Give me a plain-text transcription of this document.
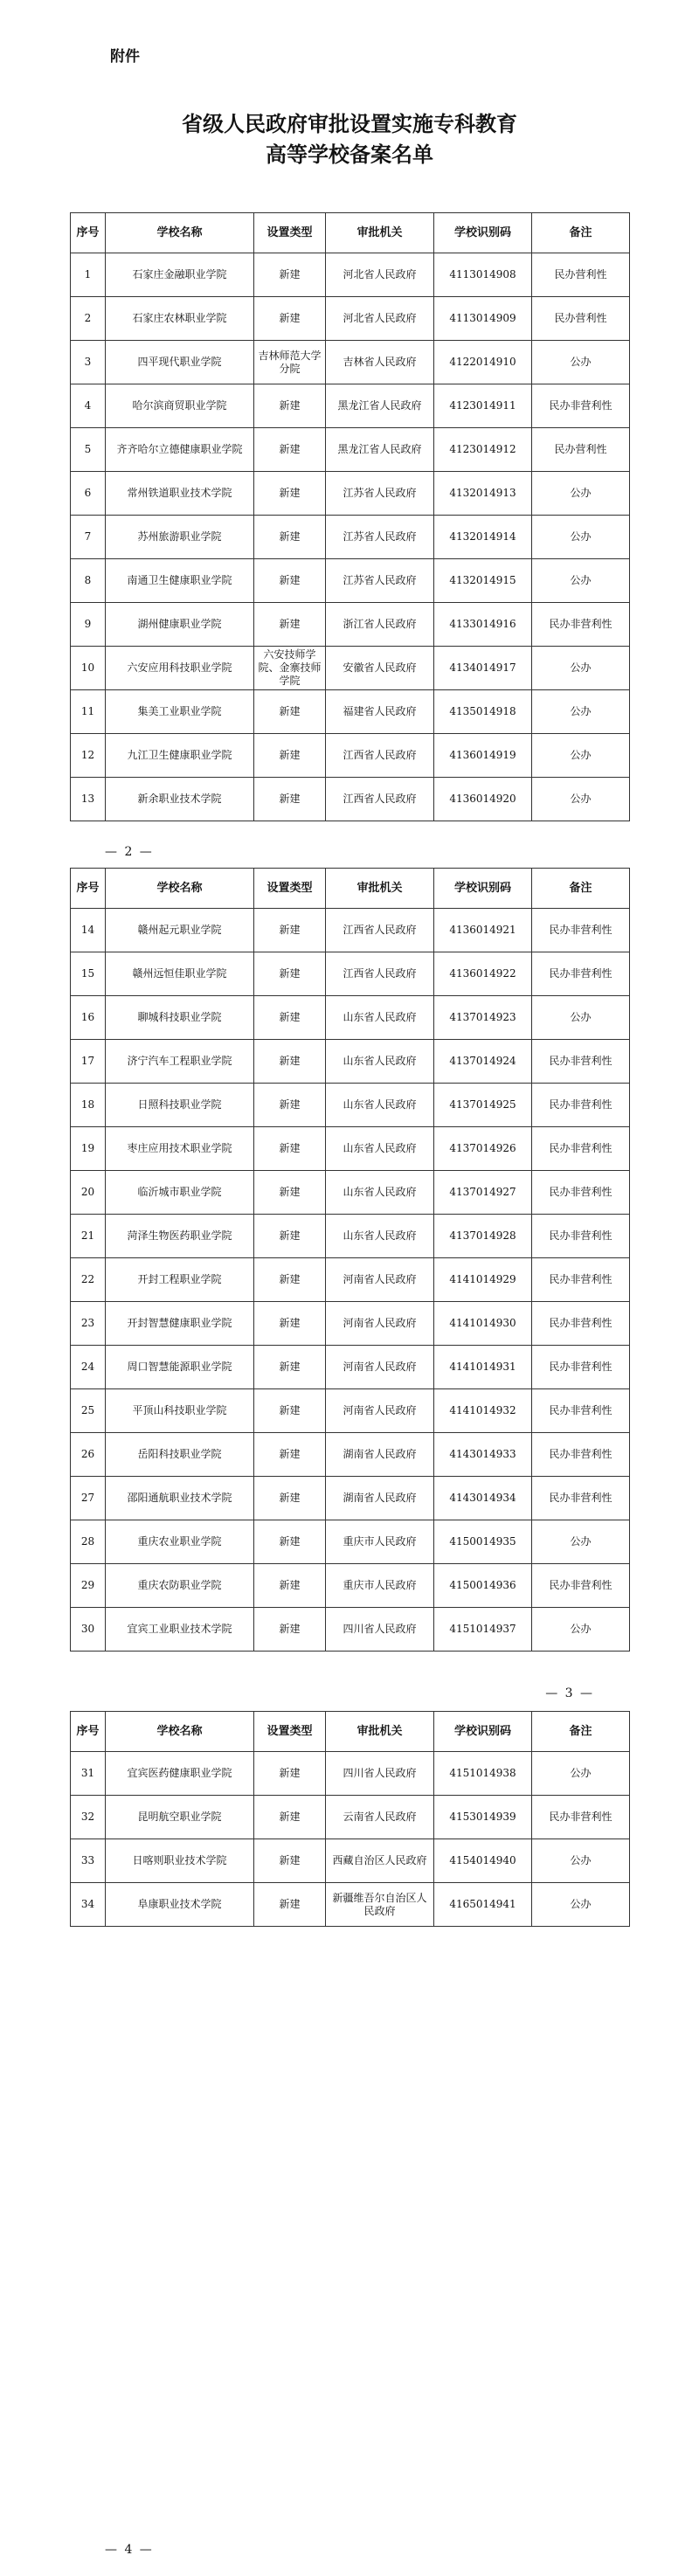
附件
省级人民政府审批设置实施专科教育
高等学校备案名单
序号	学校名称	设置类型	审批机关	学校识别码	备注
1	石家庄金融职业学院	新建	河北省人民政府	4113014908	民办营利性
2	石家庄农林职业学院	新建	河北省人民政府	4113014909	民办营利性
3	四平现代职业学院	吉林师范大学分院	吉林省人民政府	4122014910	公办
4	哈尔滨商贸职业学院	新建	黑龙江省人民政府	4123014911	民办非营利性
5	齐齐哈尔立德健康职业学院	新建	黑龙江省人民政府	4123014912	民办营利性
6	常州铁道职业技术学院	新建	江苏省人民政府	4132014913	公办
7	苏州旅游职业学院	新建	江苏省人民政府	4132014914	公办
8	南通卫生健康职业学院	新建	江苏省人民政府	4132014915	公办
9	湖州健康职业学院	新建	浙江省人民政府	4133014916	民办非营利性
10	六安应用科技职业学院	六安技师学院、金寨技师学院	安徽省人民政府	4134014917	公办
11	集美工业职业学院	新建	福建省人民政府	4135014918	公办
12	九江卫生健康职业学院	新建	江西省人民政府	4136014919	公办
13	新余职业技术学院	新建	江西省人民政府	4136014920	公办
— 2 —
序号	学校名称	设置类型	审批机关	学校识别码	备注
14	赣州起元职业学院	新建	江西省人民政府	4136014921	民办非营利性
15	赣州远恒佳职业学院	新建	江西省人民政府	4136014922	民办非营利性
16	聊城科技职业学院	新建	山东省人民政府	4137014923	公办
17	济宁汽车工程职业学院	新建	山东省人民政府	4137014924	民办非营利性
18	日照科技职业学院	新建	山东省人民政府	4137014925	民办非营利性
19	枣庄应用技术职业学院	新建	山东省人民政府	4137014926	民办非营利性
20	临沂城市职业学院	新建	山东省人民政府	4137014927	民办非营利性
21	菏泽生物医药职业学院	新建	山东省人民政府	4137014928	民办非营利性
22	开封工程职业学院	新建	河南省人民政府	4141014929	民办非营利性
23	开封智慧健康职业学院	新建	河南省人民政府	4141014930	民办非营利性
24	周口智慧能源职业学院	新建	河南省人民政府	4141014931	民办非营利性
25	平顶山科技职业学院	新建	河南省人民政府	4141014932	民办非营利性
26	岳阳科技职业学院	新建	湖南省人民政府	4143014933	民办非营利性
27	邵阳通航职业技术学院	新建	湖南省人民政府	4143014934	民办非营利性
28	重庆农业职业学院	新建	重庆市人民政府	4150014935	公办
29	重庆农防职业学院	新建	重庆市人民政府	4150014936	民办非营利性
30	宜宾工业职业技术学院	新建	四川省人民政府	4151014937	公办
— 3 —
序号	学校名称	设置类型	审批机关	学校识别码	备注
31	宜宾医药健康职业学院	新建	四川省人民政府	4151014938	公办
32	昆明航空职业学院	新建	云南省人民政府	4153014939	民办非营利性
33	日喀则职业技术学院	新建	西藏自治区人民政府	4154014940	公办
34	阜康职业技术学院	新建	新疆维吾尔自治区人民政府	4165014941	公办
— 4 —
